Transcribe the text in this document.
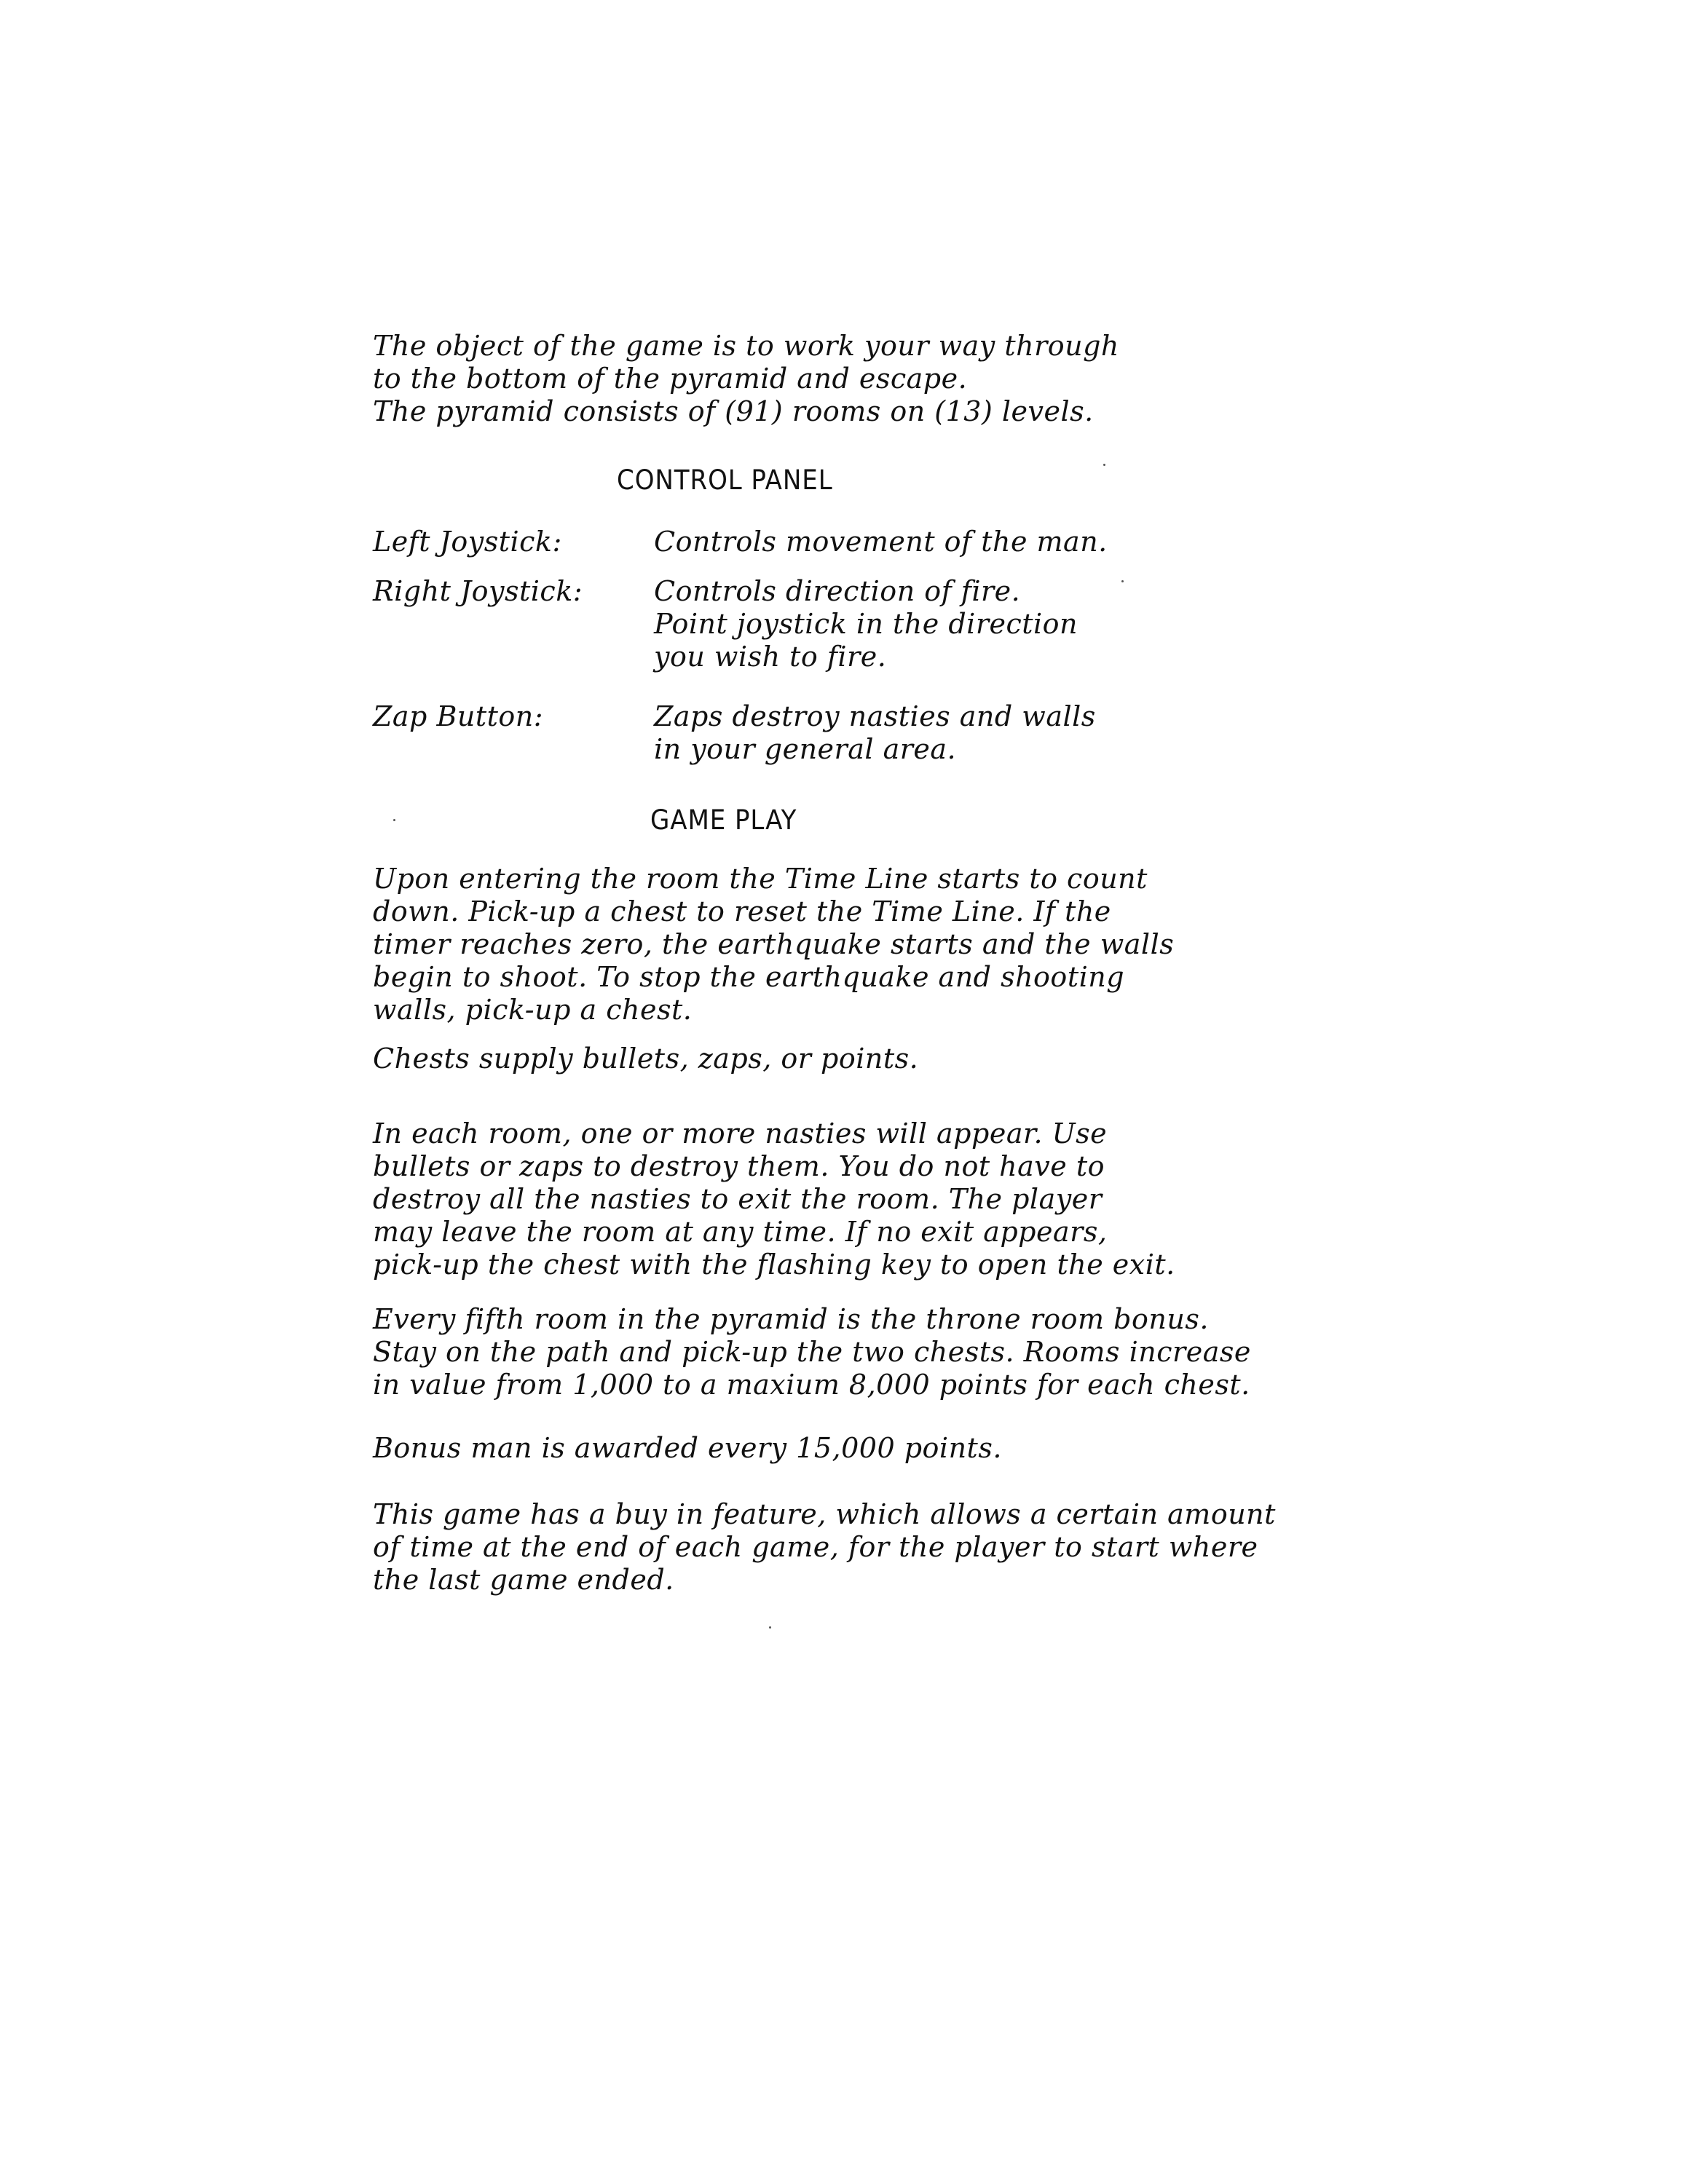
The object of the game is to work your way through
to the bottom of the pyramid and escape.
The pyramid consists of (91) rooms on (13) levels.
CONTROL PANEL
Left Joystick:	Controls movement of the man.
Right Joystick:	Controls direction of fire.
Point joystick in the direction
you wish to fire.
Zap Button:	Zaps destroy nasties and walls
in your general area.
GAME PLAY
Upon entering the room the Time Line starts to count
down. Pick-up a chest to reset the Time Line. If the
timer reaches zero, the earthquake starts and the walls
begin to shoot. To stop the earthquake and shooting
walls, pick-up a chest.
Chests supply bullets, zaps, or points.
In each room, one or more nasties will appear. Use
bullets or zaps to destroy them. You do not have to
destroy all the nasties to exit the room. The player
may leave the room at any time. If no exit appears,
pick-up the chest with the flashing key to open the exit.
Every fifth room in the pyramid is the throne room bonus.
Stay on the path and pick-up the two chests. Rooms increase
in value from 1,000 to a maxium 8,000 points for each chest.
Bonus man is awarded every 15,000 points.
This game has a buy in feature, which allows a certain amount
of time at the end of each game, for the player to start where
the last game ended.
